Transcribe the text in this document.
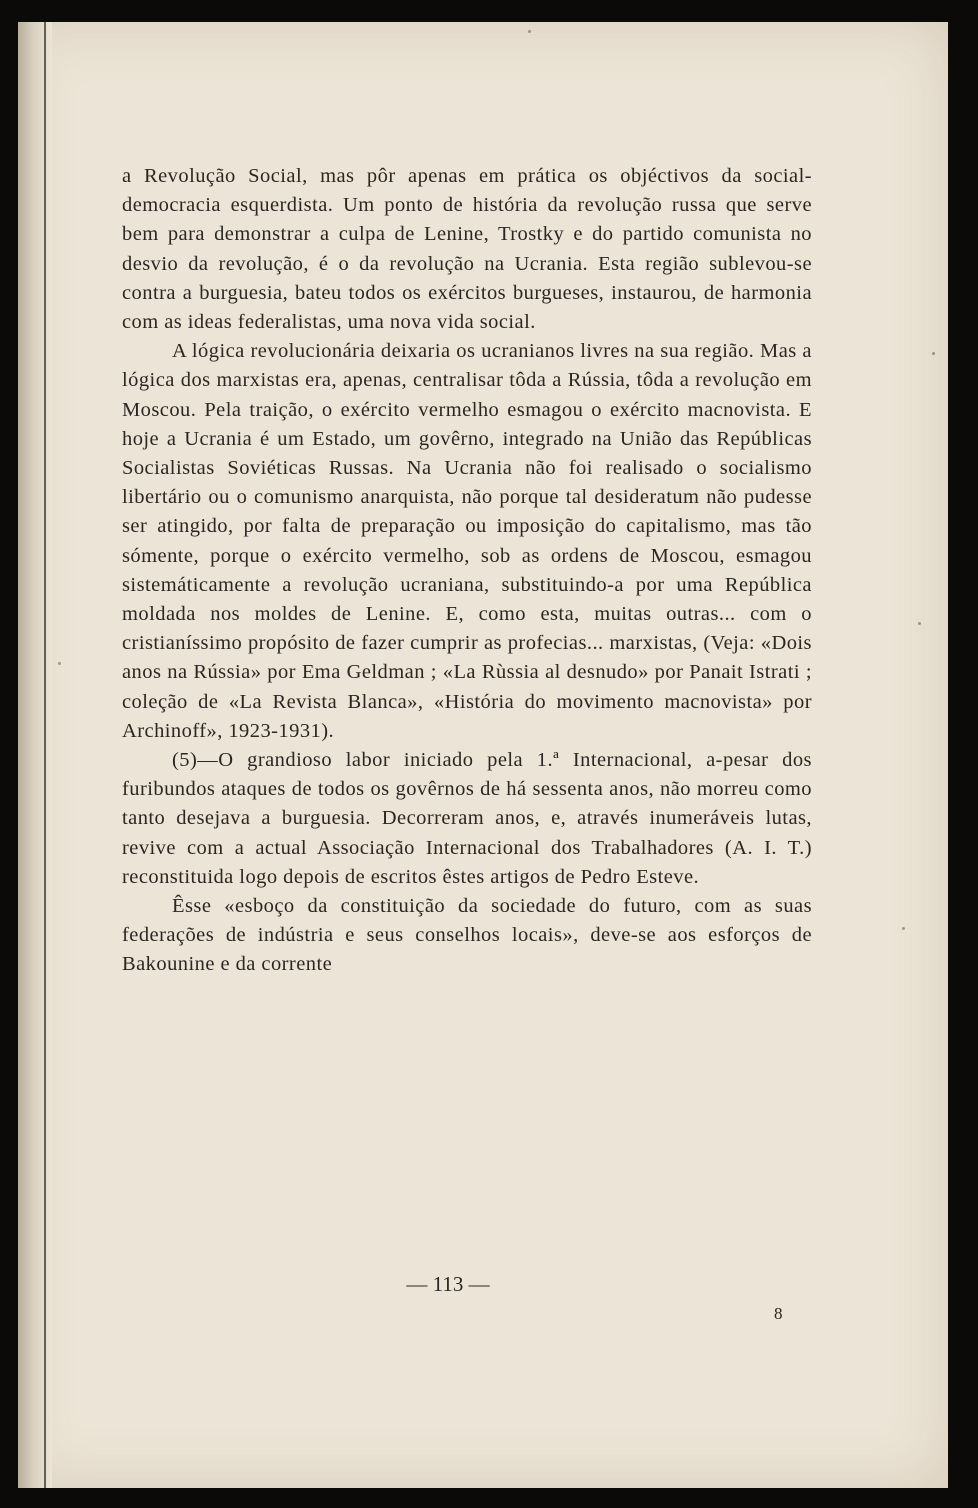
a Revolução Social, mas pôr apenas em prática os objéctivos da social-democracia esquerdista. Um ponto de história da revolução russa que serve bem para demonstrar a culpa de Lenine, Trostky e do partido comunista no desvio da revolução, é o da revolução na Ucrania. Esta região sublevou-se contra a burguesia, bateu todos os exércitos burgueses, instaurou, de harmonia com as ideas federalistas, uma nova vida social.

A lógica revolucionária deixaria os ucranianos livres na sua região. Mas a lógica dos marxistas era, apenas, centralisar tôda a Rússia, tôda a revolução em Moscou. Pela traição, o exército vermelho esmagou o exército macnovista. E hoje a Ucrania é um Estado, um govêrno, integrado na União das Repúblicas Socialistas Soviéticas Russas. Na Ucrania não foi realisado o socialismo libertário ou o comunismo anarquista, não porque tal desideratum não pudesse ser atingido, por falta de preparação ou imposição do capitalismo, mas tão sómente, porque o exército vermelho, sob as ordens de Moscou, esmagou sistemáticamente a revolução ucraniana, substituindo-a por uma República moldada nos moldes de Lenine. E, como esta, muitas outras... com o cristianíssimo propósito de fazer cumprir as profecias... marxistas, (Veja: «Dois anos na Rússia» por Ema Geldman ; «La Rùssia al desnudo» por Panait Istrati ; coleção de «La Revista Blanca», «História do movimento macnovista» por Archinoff», 1923-1931).

(5)—O grandioso labor iniciado pela 1.ª Internacional, a-pesar dos furibundos ataques de todos os govêrnos de há sessenta anos, não morreu como tanto desejava a burguesia. Decorreram anos, e, através inumeráveis lutas, revive com a actual Associação Internacional dos Trabalhadores (A. I. T.) reconstituida logo depois de escritos êstes artigos de Pedro Esteve.

Êsse «esboço da constituição da sociedade do futuro, com as suas federações de indústria e seus conselhos locais», deve-se aos esforços de Bakounine e da corrente

— 113 —
8
